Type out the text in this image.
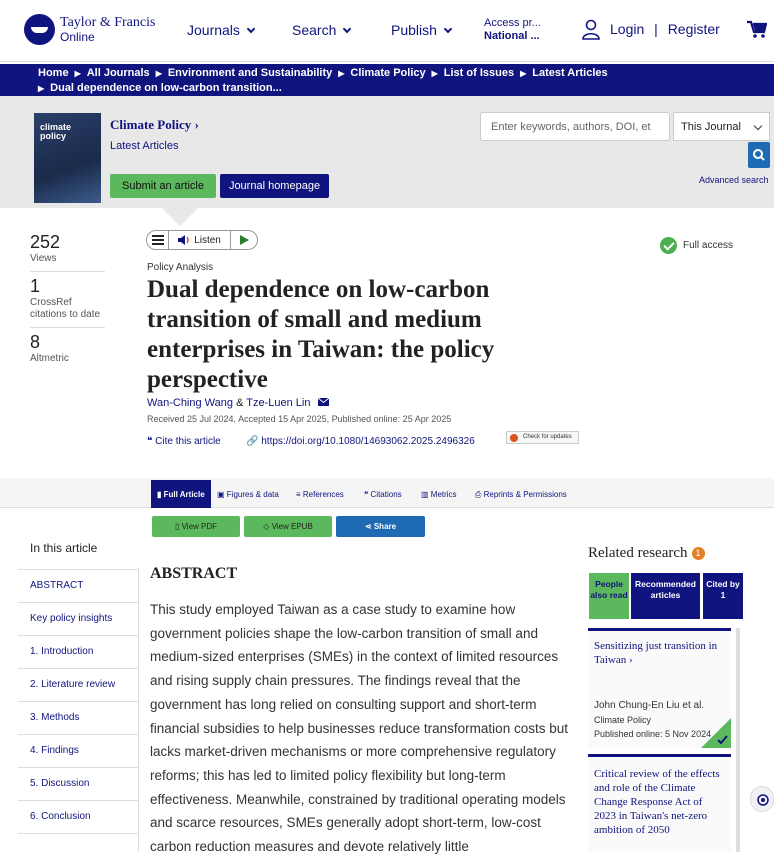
Taylor & Francis
Online	Journals	Search	Publish	Access pr...
National ...	Login | Register
Home ▶ All Journals ▶ Environment and Sustainability ▶ Climate Policy ▶ List of Issues ▶ Latest Articles
▶ Dual dependence on low-carbon transition...
climate policy
Climate Policy ›
Latest Articles
Submit an article	Journal homepage
Enter keywords, authors, DOI, et	This Journal
Advanced search
252
Views
1
CrossRef citations to date
8
Altmetric
Listen	Full access
Policy Analysis
Dual dependence on low-carbon transition of small and medium enterprises in Taiwan: the policy perspective
Wan-Ching Wang & Tze-Luen Lin
Received 25 Jul 2024, Accepted 15 Apr 2025, Published online: 25 Apr 2025
❝ Cite this article	🔗 https://doi.org/10.1080/14693062.2025.2496326	Check for updates
▮ Full Article	▣ Figures & data ≡ References	❝ Citations ▥ Metrics ⎙ Reprints & Permissions
▯ View PDF	◇ View EPUB	⋖ Share
In this article
ABSTRACT
Key policy insights
1. Introduction
2. Literature review
3. Methods
4. Findings
5. Discussion
6. Conclusion
ABSTRACT
This study employed Taiwan as a case study to examine how government policies shape the low-carbon transition of small and medium-sized enterprises (SMEs) in the context of limited resources and rising supply chain pressures. The findings reveal that the government has long relied on consulting support and short-term financial subsidies to help businesses reduce transformation costs but lacks market-driven mechanisms or more comprehensive regulatory reforms; this has led to limited policy flexibility but long-term effectiveness. Meanwhile, constrained by traditional operating models and scarce resources, SMEs generally adopt short-term, low-cost carbon reduction measures and devote relatively little
Related research 1
People also read
Recommended articles
Cited by 1
Sensitizing just transition in Taiwan ›
John Chung-En Liu et al.
Climate Policy
Published online: 5 Nov 2024
Critical review of the effects and role of the Climate Change Response Act of 2023 in Taiwan's net-zero ambition of 2050
